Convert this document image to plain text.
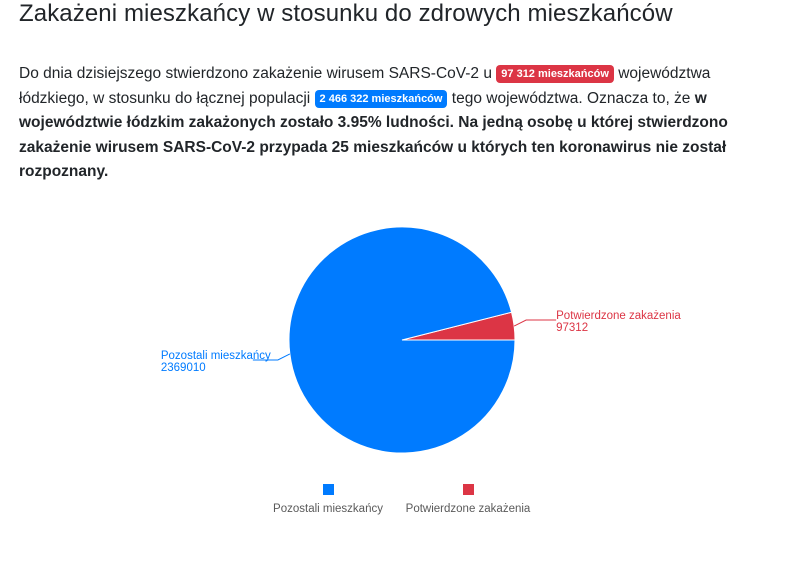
Zakażeni mieszkańcy w stosunku do zdrowych mieszkańców
Do dnia dzisiejszego stwierdzono zakażenie wirusem SARS-CoV-2 u 97 312 mieszkańców województwa łódzkiego, w stosunku do łącznej populacji 2 466 322 mieszkańców tego województwa. Oznacza to, że w województwie łódzkim zakażonych zostało 3.95% ludności. Na jedną osobę u której stwierdzono zakażenie wirusem SARS-CoV-2 przypada 25 mieszkańców u których ten koronawirus nie został rozpoznany.
Potwierdzone zakażenia
97312
Pozostali mieszkańcy
2369010
Pozostali mieszkańcy	Potwierdzone zakażenia
